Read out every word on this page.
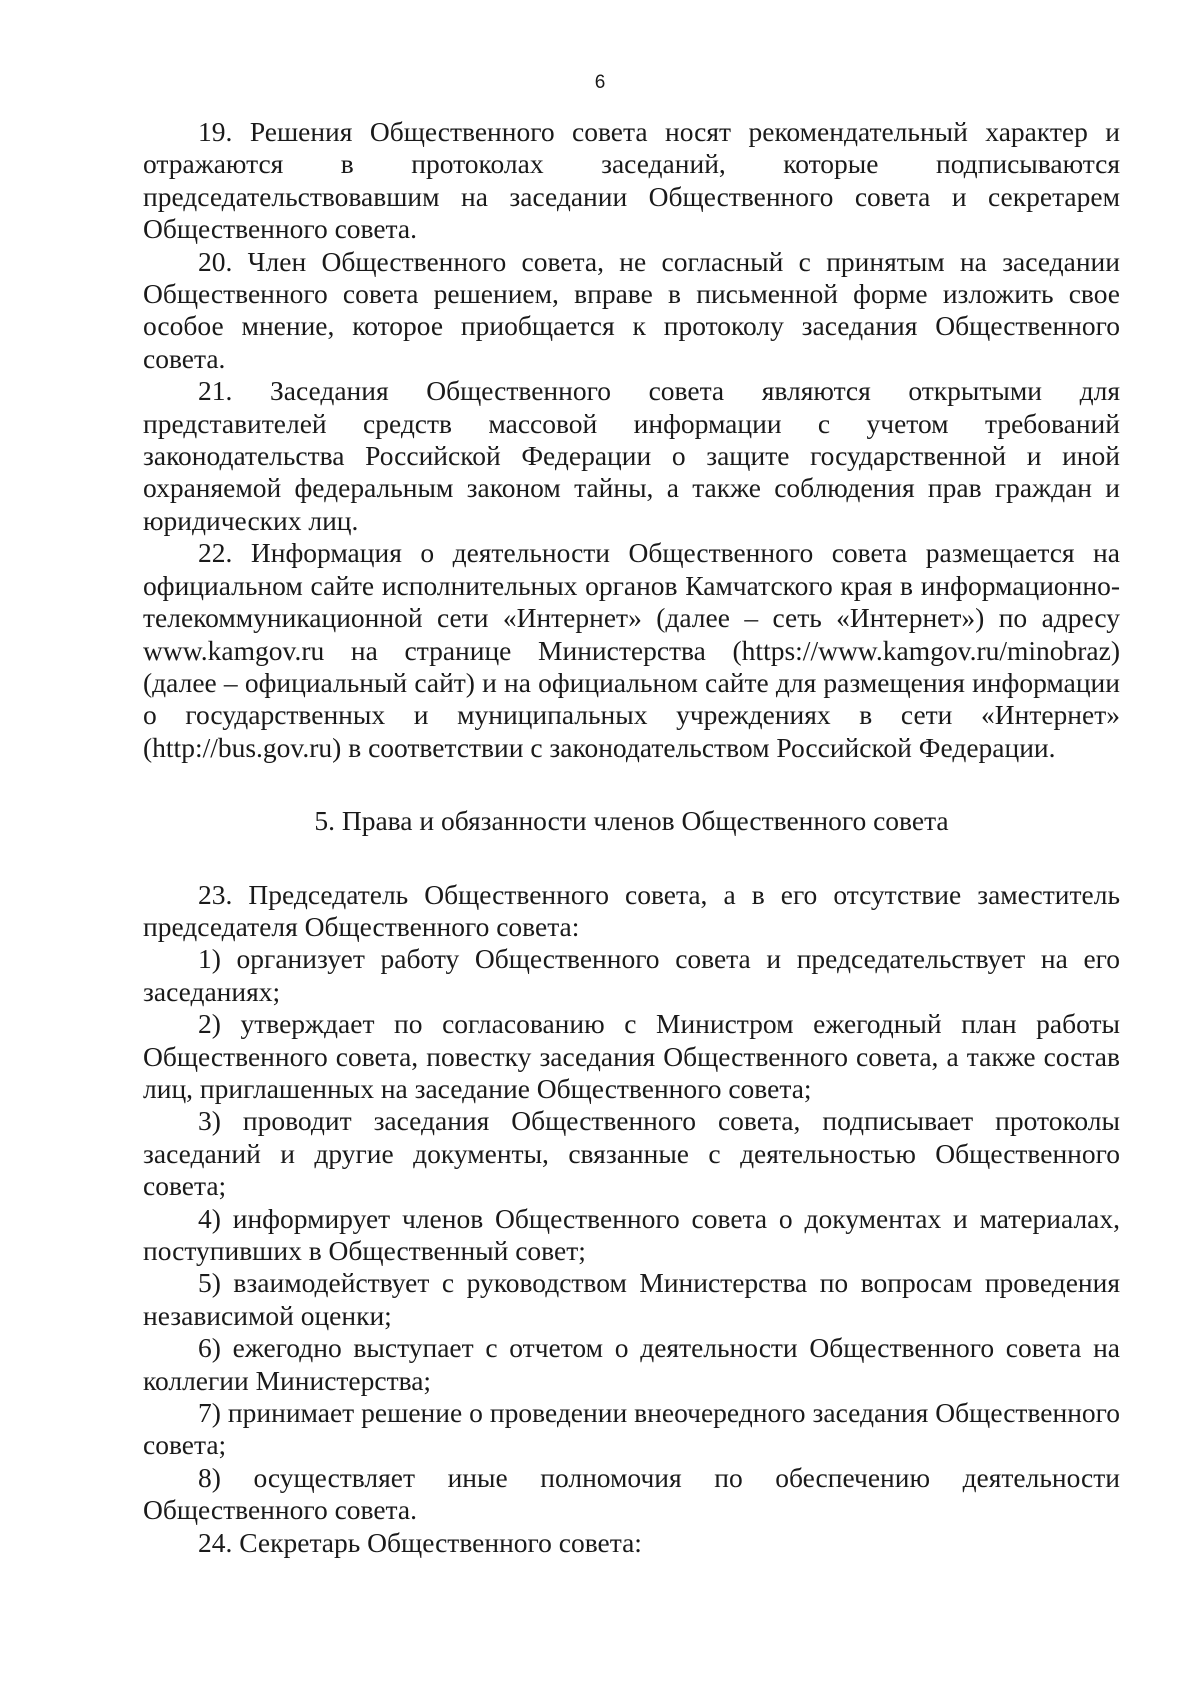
6

19. Решения Общественного совета носят рекомендательный характер и отражаются в протоколах заседаний, которые подписываются председательствовавшим на заседании Общественного совета и секретарем Общественного совета.

20. Член Общественного совета, не согласный с принятым на заседании Общественного совета решением, вправе в письменной форме изложить свое особое мнение, которое приобщается к протоколу заседания Общественного совета.

21. Заседания Общественного совета являются открытыми для представителей средств массовой информации с учетом требований законодательства Российской Федерации о защите государственной и иной охраняемой федеральным законом тайны, а также соблюдения прав граждан и юридических лиц.

22. Информация о деятельности Общественного совета размещается на официальном сайте исполнительных органов Камчатского края в информационно-телекоммуникационной сети «Интернет» (далее – сеть «Интернет») по адресу www.kamgov.ru на странице Министерства (https://www.kamgov.ru/minobraz) (далее – официальный сайт) и на официальном сайте для размещения информации о государственных и муниципальных учреждениях в сети «Интернет» (http://bus.gov.ru) в соответствии с законодательством Российской Федерации.

5. Права и обязанности членов Общественного совета

23. Председатель Общественного совета, а в его отсутствие заместитель председателя Общественного совета:

1) организует работу Общественного совета и председательствует на его заседаниях;

2) утверждает по согласованию с Министром ежегодный план работы Общественного совета, повестку заседания Общественного совета, а также состав лиц, приглашенных на заседание Общественного совета;

3) проводит заседания Общественного совета, подписывает протоколы заседаний и другие документы, связанные с деятельностью Общественного совета;

4) информирует членов Общественного совета о документах и материалах, поступивших в Общественный совет;

5) взаимодействует с руководством Министерства по вопросам проведения независимой оценки;

6) ежегодно выступает с отчетом о деятельности Общественного совета на коллегии Министерства;

7) принимает решение о проведении внеочередного заседания Общественного совета;

8) осуществляет иные полномочия по обеспечению деятельности Общественного совета.

24. Секретарь Общественного совета:
